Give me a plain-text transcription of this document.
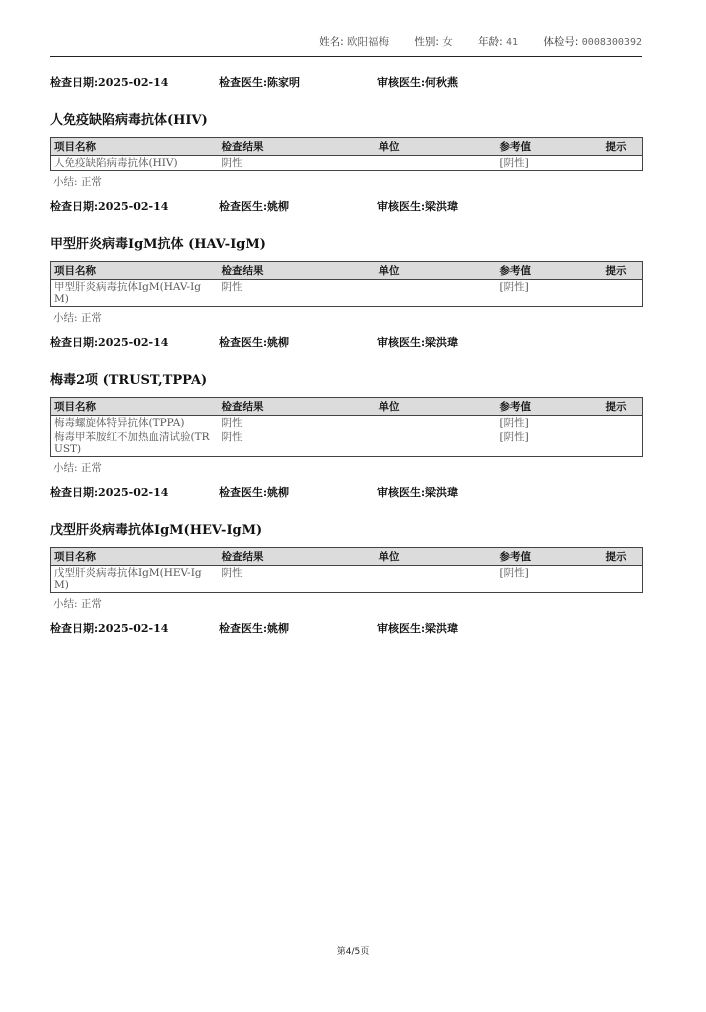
姓名: 欧阳福梅 性别: 女 年龄: 41 体检号: 0008300392
检查日期:2025-02-14	检查医生:陈家明	审核医生:何秋燕
人免疫缺陷病毒抗体(HIV)
项目名称	检查结果	单位	参考值	提示
人免疫缺陷病毒抗体(HIV)	阴性		[阴性]	
小结: 正常
检查日期:2025-02-14	检查医生:姚柳	审核医生:梁洪瑋
甲型肝炎病毒IgM抗体 (HAV-IgM)
项目名称	检查结果	单位	参考值	提示
甲型肝炎病毒抗体IgM(HAV-IgM)	阴性		[阴性]	
小结: 正常
检查日期:2025-02-14	检查医生:姚柳	审核医生:梁洪瑋
梅毒2项 (TRUST,TPPA)
项目名称	检查结果	单位	参考值	提示
梅毒螺旋体特异抗体(TPPA)	阴性		[阴性]	
梅毒甲苯胺红不加热血清试验(TRUST)	阴性		[阴性]	
小结: 正常
检查日期:2025-02-14	检查医生:姚柳	审核医生:梁洪瑋
戊型肝炎病毒抗体IgM(HEV-IgM)
项目名称	检查结果	单位	参考值	提示
戊型肝炎病毒抗体IgM(HEV-IgM)	阴性		[阴性]	
小结: 正常
检查日期:2025-02-14	检查医生:姚柳	审核医生:梁洪瑋
第4/5页
